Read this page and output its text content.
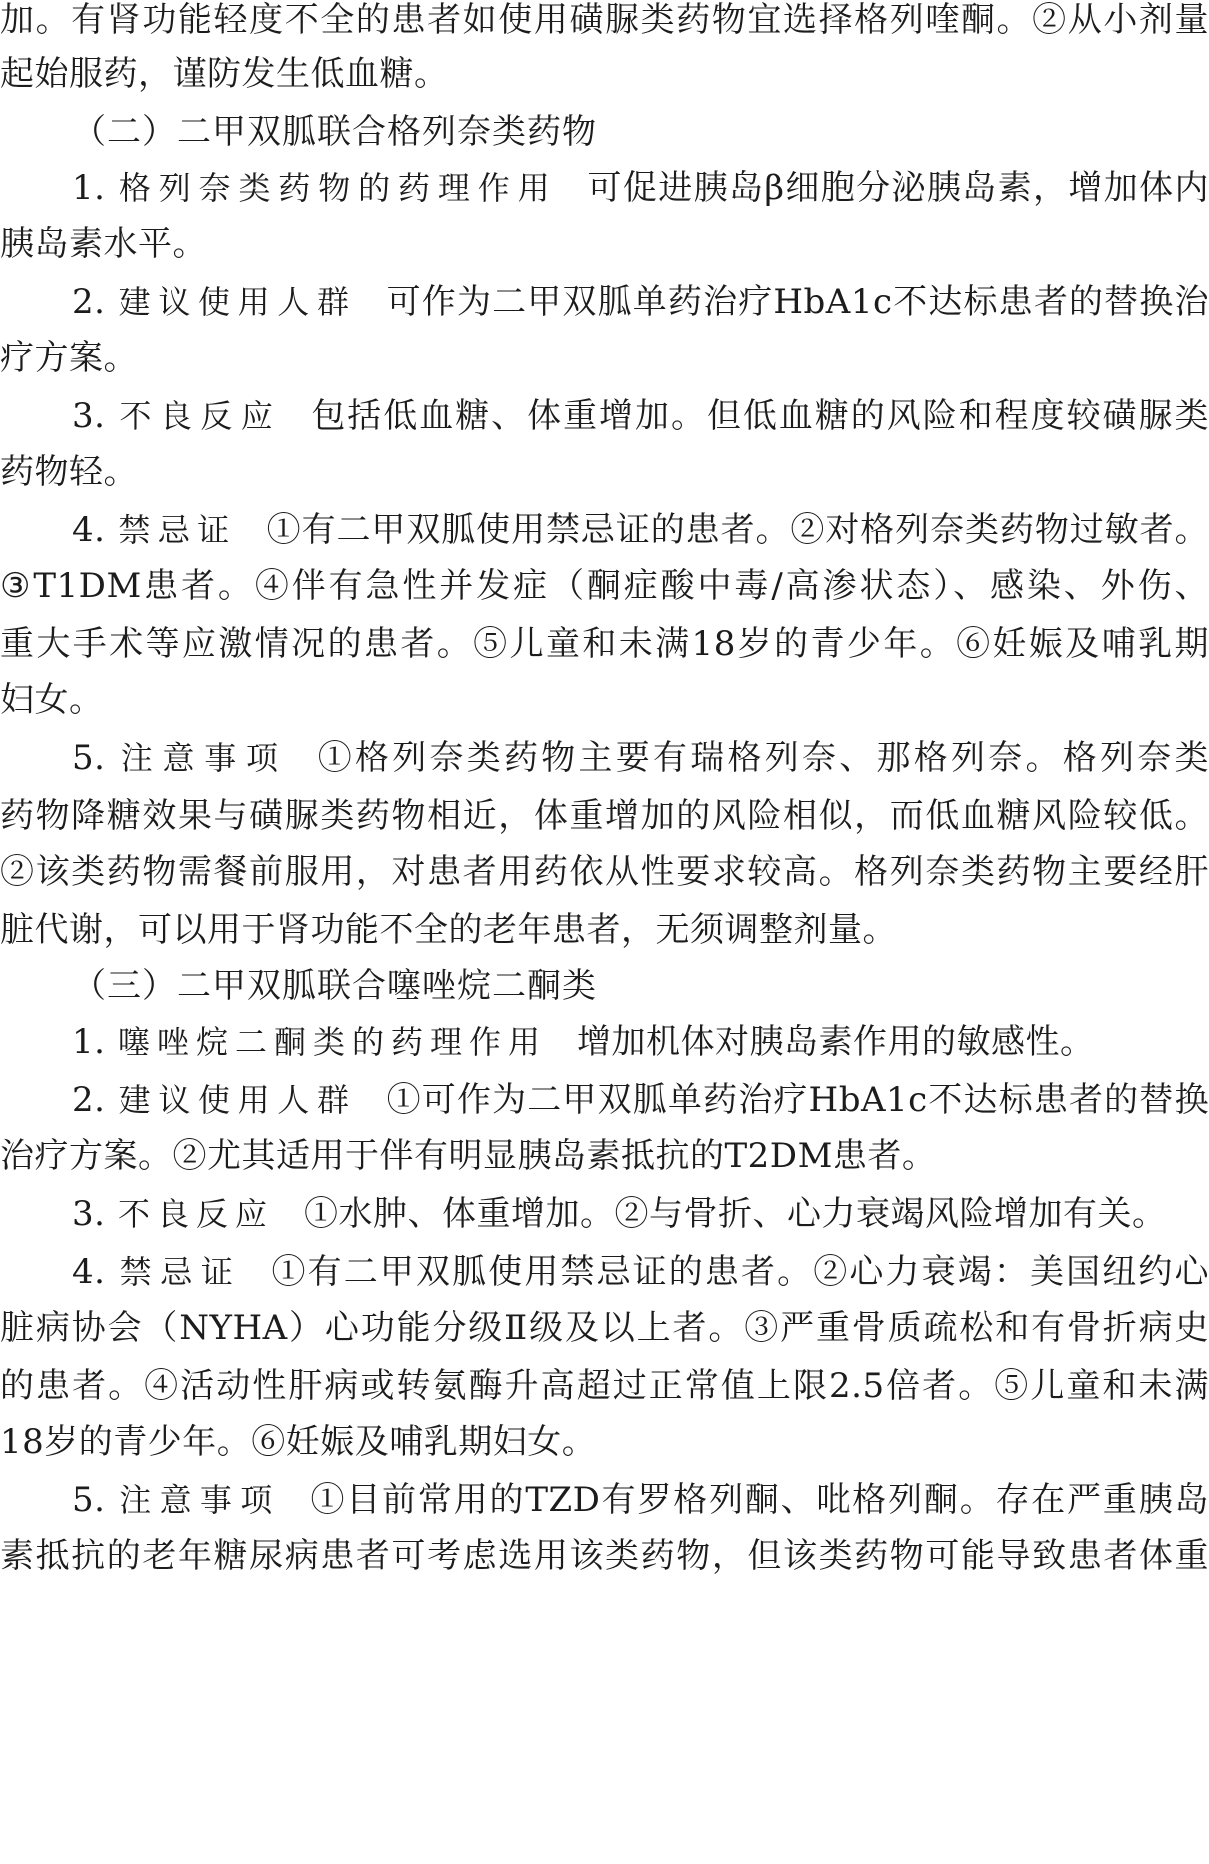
加。有肾功能轻度不全的患者如使用磺脲类药物宜选择格列喹酮。②从小剂量
起始服药，谨防发生低血糖。
（二）二甲双胍联合格列奈类药物
1. 格列奈类药物的药理作用 可促进胰岛β细胞分泌胰岛素，增加体内
胰岛素水平。
2. 建议使用人群 可作为二甲双胍单药治疗HbA1c不达标患者的替换治
疗方案。
3. 不良反应 包括低血糖、体重增加。但低血糖的风险和程度较磺脲类
药物轻。
4. 禁忌证 ①有二甲双胍使用禁忌证的患者。②对格列奈类药物过敏者。
③T1DM患者。④伴有急性并发症（酮症酸中毒/高渗状态）、感染、外伤、
重大手术等应激情况的患者。⑤儿童和未满18岁的青少年。⑥妊娠及哺乳期
妇女。
5. 注意事项 ①格列奈类药物主要有瑞格列奈、那格列奈。格列奈类
药物降糖效果与磺脲类药物相近，体重增加的风险相似，而低血糖风险较低。
②该类药物需餐前服用，对患者用药依从性要求较高。格列奈类药物主要经肝
脏代谢，可以用于肾功能不全的老年患者，无须调整剂量。
（三）二甲双胍联合噻唑烷二酮类
1. 噻唑烷二酮类的药理作用 增加机体对胰岛素作用的敏感性。
2. 建议使用人群 ①可作为二甲双胍单药治疗HbA1c不达标患者的替换
治疗方案。②尤其适用于伴有明显胰岛素抵抗的T2DM患者。
3. 不良反应 ①水肿、体重增加。②与骨折、心力衰竭风险增加有关。
4. 禁忌证 ①有二甲双胍使用禁忌证的患者。②心力衰竭：美国纽约心
脏病协会（NYHA）心功能分级Ⅱ级及以上者。③严重骨质疏松和有骨折病史
的患者。④活动性肝病或转氨酶升高超过正常值上限2.5倍者。⑤儿童和未满
18岁的青少年。⑥妊娠及哺乳期妇女。
5. 注意事项 ①目前常用的TZD有罗格列酮、吡格列酮。存在严重胰岛
素抵抗的老年糖尿病患者可考虑选用该类药物，但该类药物可能导致患者体重
